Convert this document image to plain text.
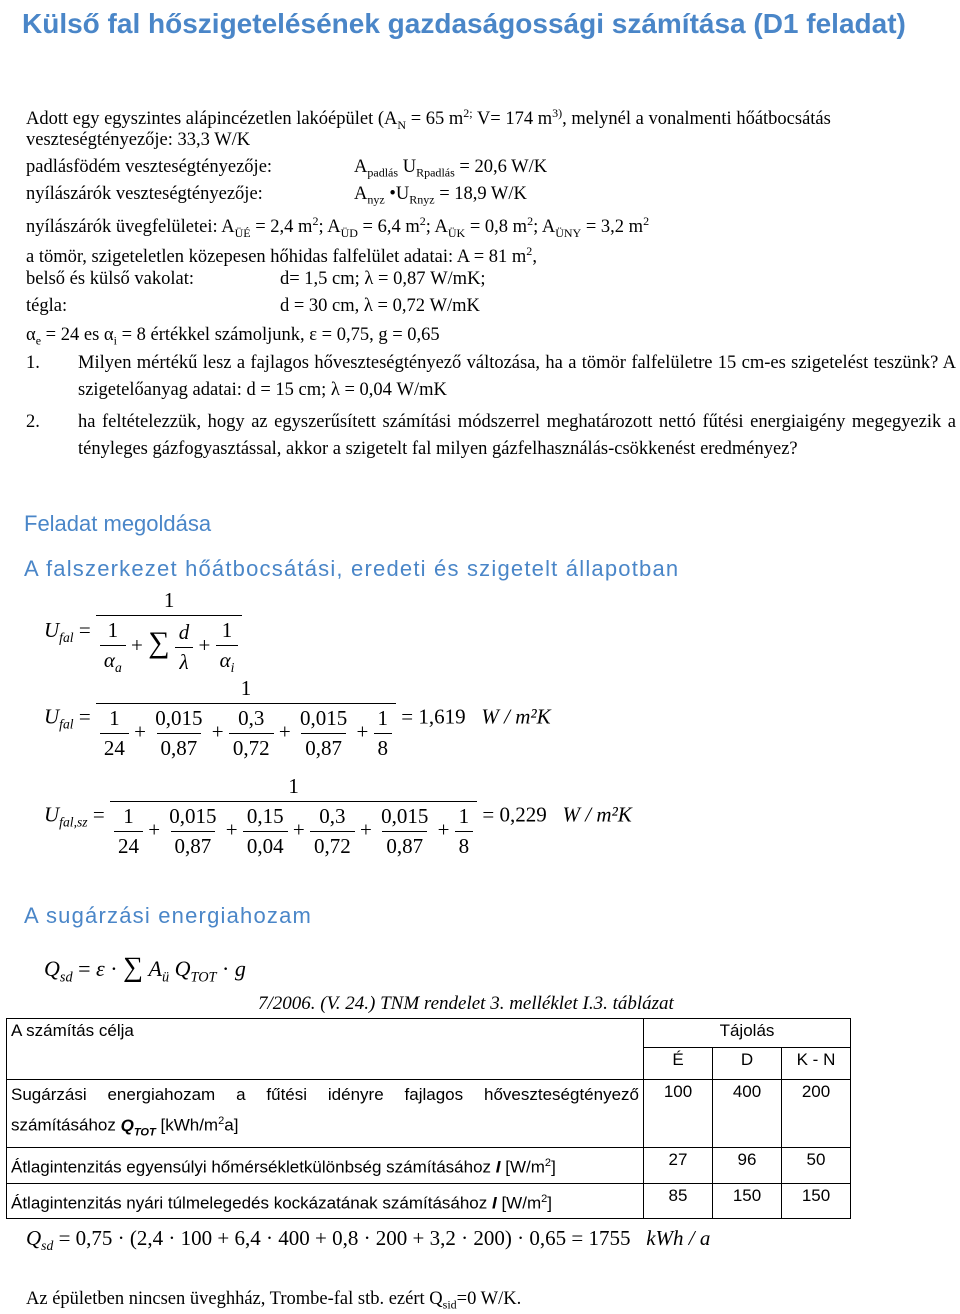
Külső fal hőszigetelésének gazdaságossági számítása (D1 feladat)
Adott egy egyszintes alápincézetlen lakóépület ($A_N = 65$ $m^{2;}$ V= 174 $m^{3)}$, melynél a vonalmenti hőátbocsátás
veszteségtényezője: 33,3 W/K
padlásfödém veszteségtényezője:	$A_{padlás}$ $U_{Rpadlás} = 20,6$ W/K
nyílászárók veszteségtényezője:	$A_{nyz}$ $•U_{Rnyz} = 18,9$ W/K
nyílászárók üvegfelületei: $A_{ÜÉ} = 2,4$ $m^2$; $A_{ÜD} = 6,4$ $m^2$; $A_{ÜK} = 0,8$ $m^2$; $A_{ÜNY} = 3,2$ $m^2$
a tömör, szigeteletlen közepesen hőhidas falfelület adatai: A = 81 $m^2$,
belső és külső vakolat:	d= 1,5 cm; λ = 0,87 W/mK;
tégla:	d = 30 cm, λ = 0,72 W/mK
$\alpha_e = 24$ es $\alpha_i = 8$ értékkel számoljunk, ε = 0,75, g = 0,65
1. Milyen mértékű lesz a fajlagos hőveszteségtényező változása, ha a tömör falfelületre 15 cm-es szigetelést teszünk? A szigetelőanyag adatai: d = 15 cm; λ = 0,04 W/mK
2. ha feltételezzük, hogy az egyszerűsített számítási módszerrel meghatározott nettó fűtési energiaigény megegyezik a tényleges gázfogyasztással, akkor a szigetelt fal milyen gázfelhasználás-csökkenést eredményez?
Feladat megoldása
A falszerkezet hőátbocsátási, eredeti és szigetelt állapotban
$U_{fal} = \frac{1}{\frac{1}{\alpha_a} + \sum \frac{d}{\lambda} + \frac{1}{\alpha_i}}$
$U_{fal}$ =
1
$\frac{1}{24} + \frac{0,015}{0,87} + \frac{0,3}{0,72} + \frac{0,015}{0,87} + \frac{1}{8} = 1,619$ W / m²K
$U_{fal,sz}$ =
1
$\frac{1}{24} + \frac{0,015}{0,87} + \frac{0,15}{0,04} + \frac{0,3}{0,72} + \frac{0,015}{0,87} + \frac{1}{8} = 0,229$ W / m²K
A sugárzási energiahozam
$Q_{sd} = \varepsilon$ · ∑ $A_ü$ $Q_{TOT} \cdot g$
7/2006. (V. 24.) TNM rendelet 3. melléklet I.3. táblázat
A számítás célja	Tájolás		
	É	D	K - N
Sugárzási energiahozam a fűtési idényre fajlagos hőveszteségtényező számításához $Q_{TOT}$ $[kWh/m^2a]$	100	400	200
Átlagintenzitás egyensúlyi hőmérsékletkülönbség számításához I $[W/m^2]$	27	96	50
Átlagintenzitás nyári túlmelegedés kockázatának számításához I $[W/m^2]$	85	150	150
$Q_{sd} = 0,75 \cdot (2,4 \cdot 100 + 6,4 \cdot 400 + 0,8 \cdot 200 + 3,2 \cdot 200) \cdot 0,65 = 1755$   kWh / a
Az épületben nincsen üveghház, Trombe-fal stb. ezért $Q_{sid}=0$ W/K.
